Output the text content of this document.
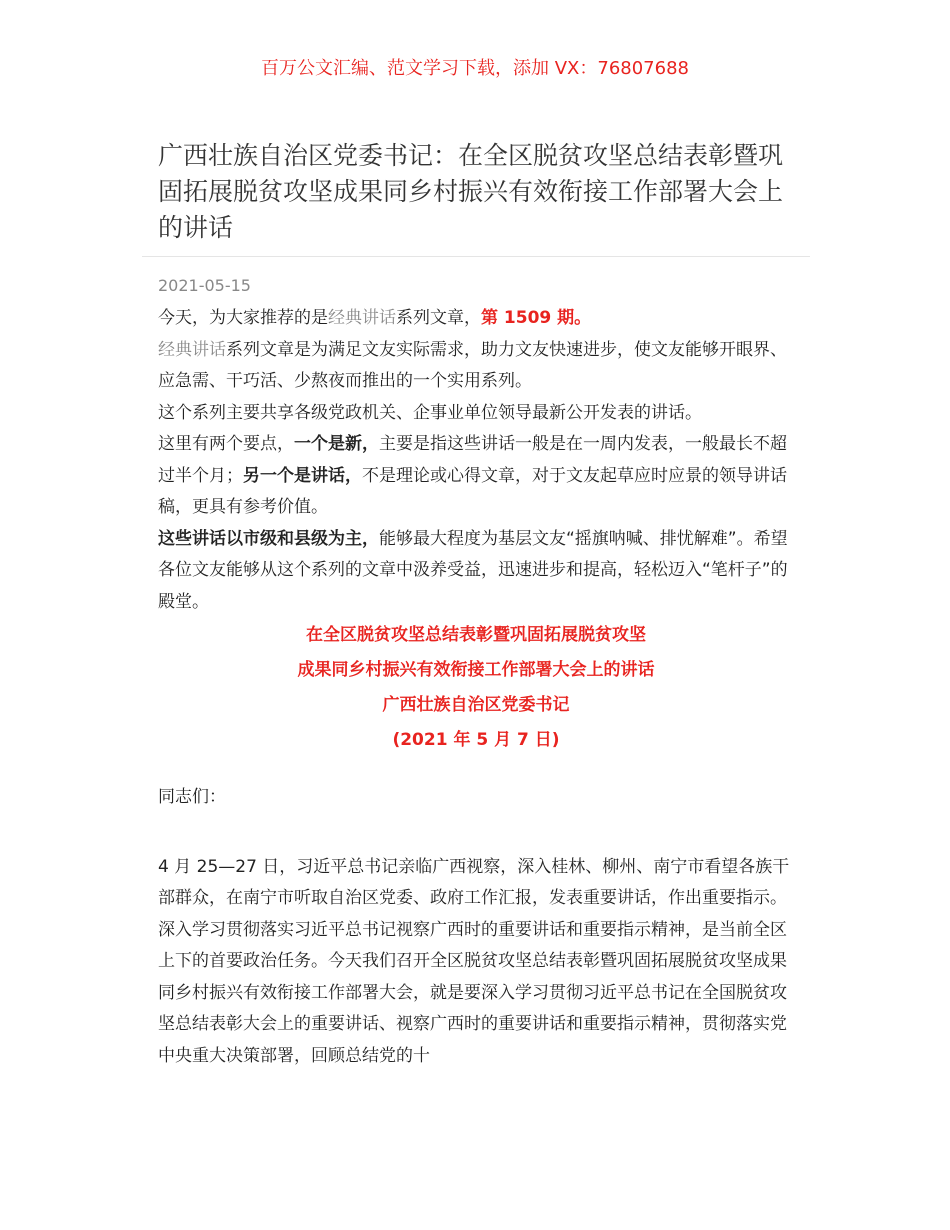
百万公文汇编、范文学习下载，添加 VX：76807688
广西壮族自治区党委书记：在全区脱贫攻坚总结表彰暨巩固拓展脱贫攻坚成果同乡村振兴有效衔接工作部署大会上的讲话
2021-05-15

今天，为大家推荐的是经典讲话系列文章，第 1509 期。

经典讲话系列文章是为满足文友实际需求，助力文友快速进步，使文友能够开眼界、应急需、干巧活、少熬夜而推出的一个实用系列。

这个系列主要共享各级党政机关、企事业单位领导最新公开发表的讲话。

这里有两个要点，一个是新，主要是指这些讲话一般是在一周内发表，一般最长不超过半个月；另一个是讲话，不是理论或心得文章，对于文友起草应时应景的领导讲话稿，更具有参考价值。

这些讲话以市级和县级为主，能够最大程度为基层文友“摇旗呐喊、排忧解难”。希望各位文友能够从这个系列的文章中汲养受益，迅速进步和提高，轻松迈入“笔杆子”的殿堂。

在全区脱贫攻坚总结表彰暨巩固拓展脱贫攻坚
成果同乡村振兴有效衔接工作部署大会上的讲话
广西壮族自治区党委书记
(2021 年 5 月 7 日)

同志们：

4 月 25—27 日，习近平总书记亲临广西视察，深入桂林、柳州、南宁市看望各族干部群众，在南宁市听取自治区党委、政府工作汇报，发表重要讲话，作出重要指示。深入学习贯彻落实习近平总书记视察广西时的重要讲话和重要指示精神，是当前全区上下的首要政治任务。今天我们召开全区脱贫攻坚总结表彰暨巩固拓展脱贫攻坚成果同乡村振兴有效衔接工作部署大会，就是要深入学习贯彻习近平总书记在全国脱贫攻坚总结表彰大会上的重要讲话、视察广西时的重要讲话和重要指示精神，贯彻落实党中央重大决策部署，回顾总结党的十
